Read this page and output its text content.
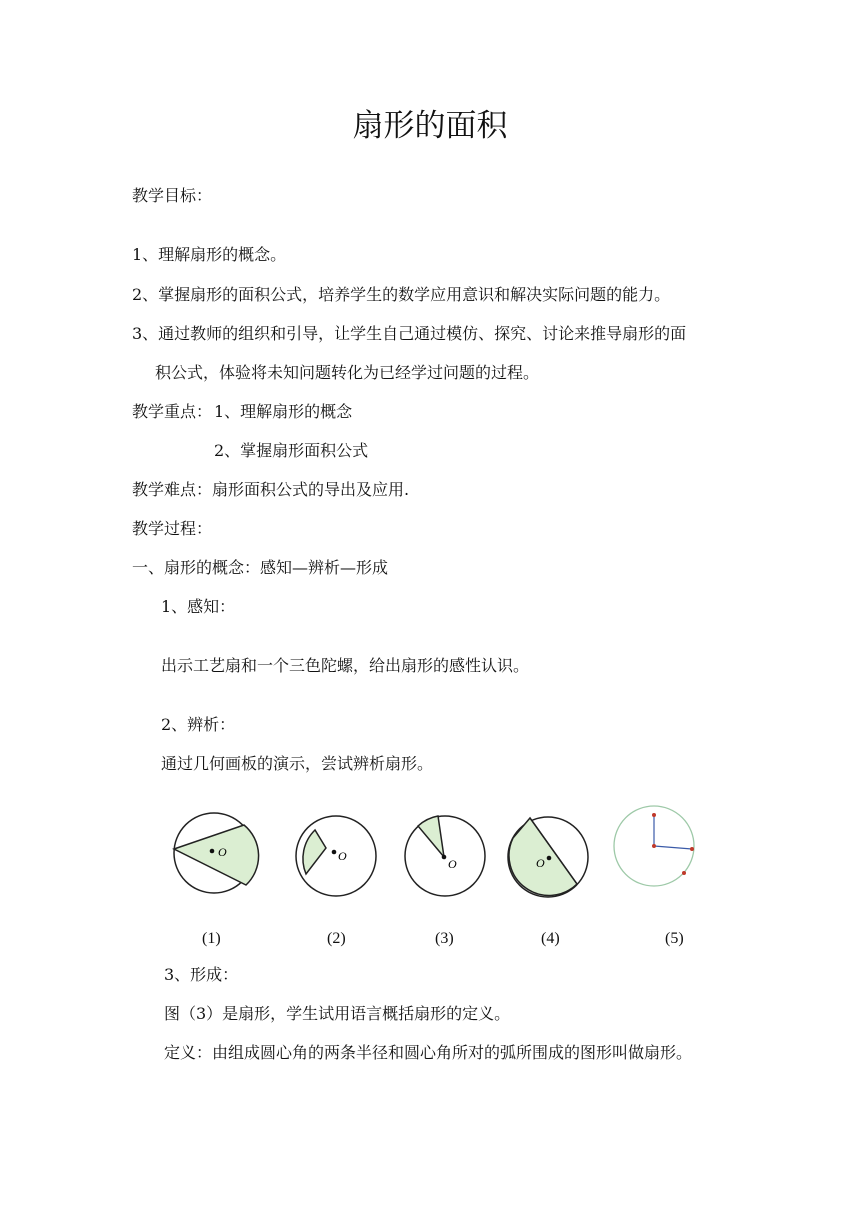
扇形的面积
教学目标：
1、理解扇形的概念。
2、掌握扇形的面积公式，培养学生的数学应用意识和解决实际问题的能力。
3、通过教师的组织和引导，让学生自己通过模仿、探究、讨论来推导扇形的面
积公式，体验将未知问题转化为已经学过问题的过程。
教学重点： 1、理解扇形的概念
2、掌握扇形面积公式
教学难点：扇形面积公式的导出及应用.
教学过程：
一、扇形的概念：感知—辨析—形成
1、感知：
出示工艺扇和一个三色陀螺，给出扇形的感性认识。
2、辨析：
通过几何画板的演示，尝试辨析扇形。
O	O
O	O
(1)	(2)	(3)	(4)	(5)
3、形成：
图（3）是扇形，学生试用语言概括扇形的定义。
定义：由组成圆心角的两条半径和圆心角所对的弧所围成的图形叫做扇形。
